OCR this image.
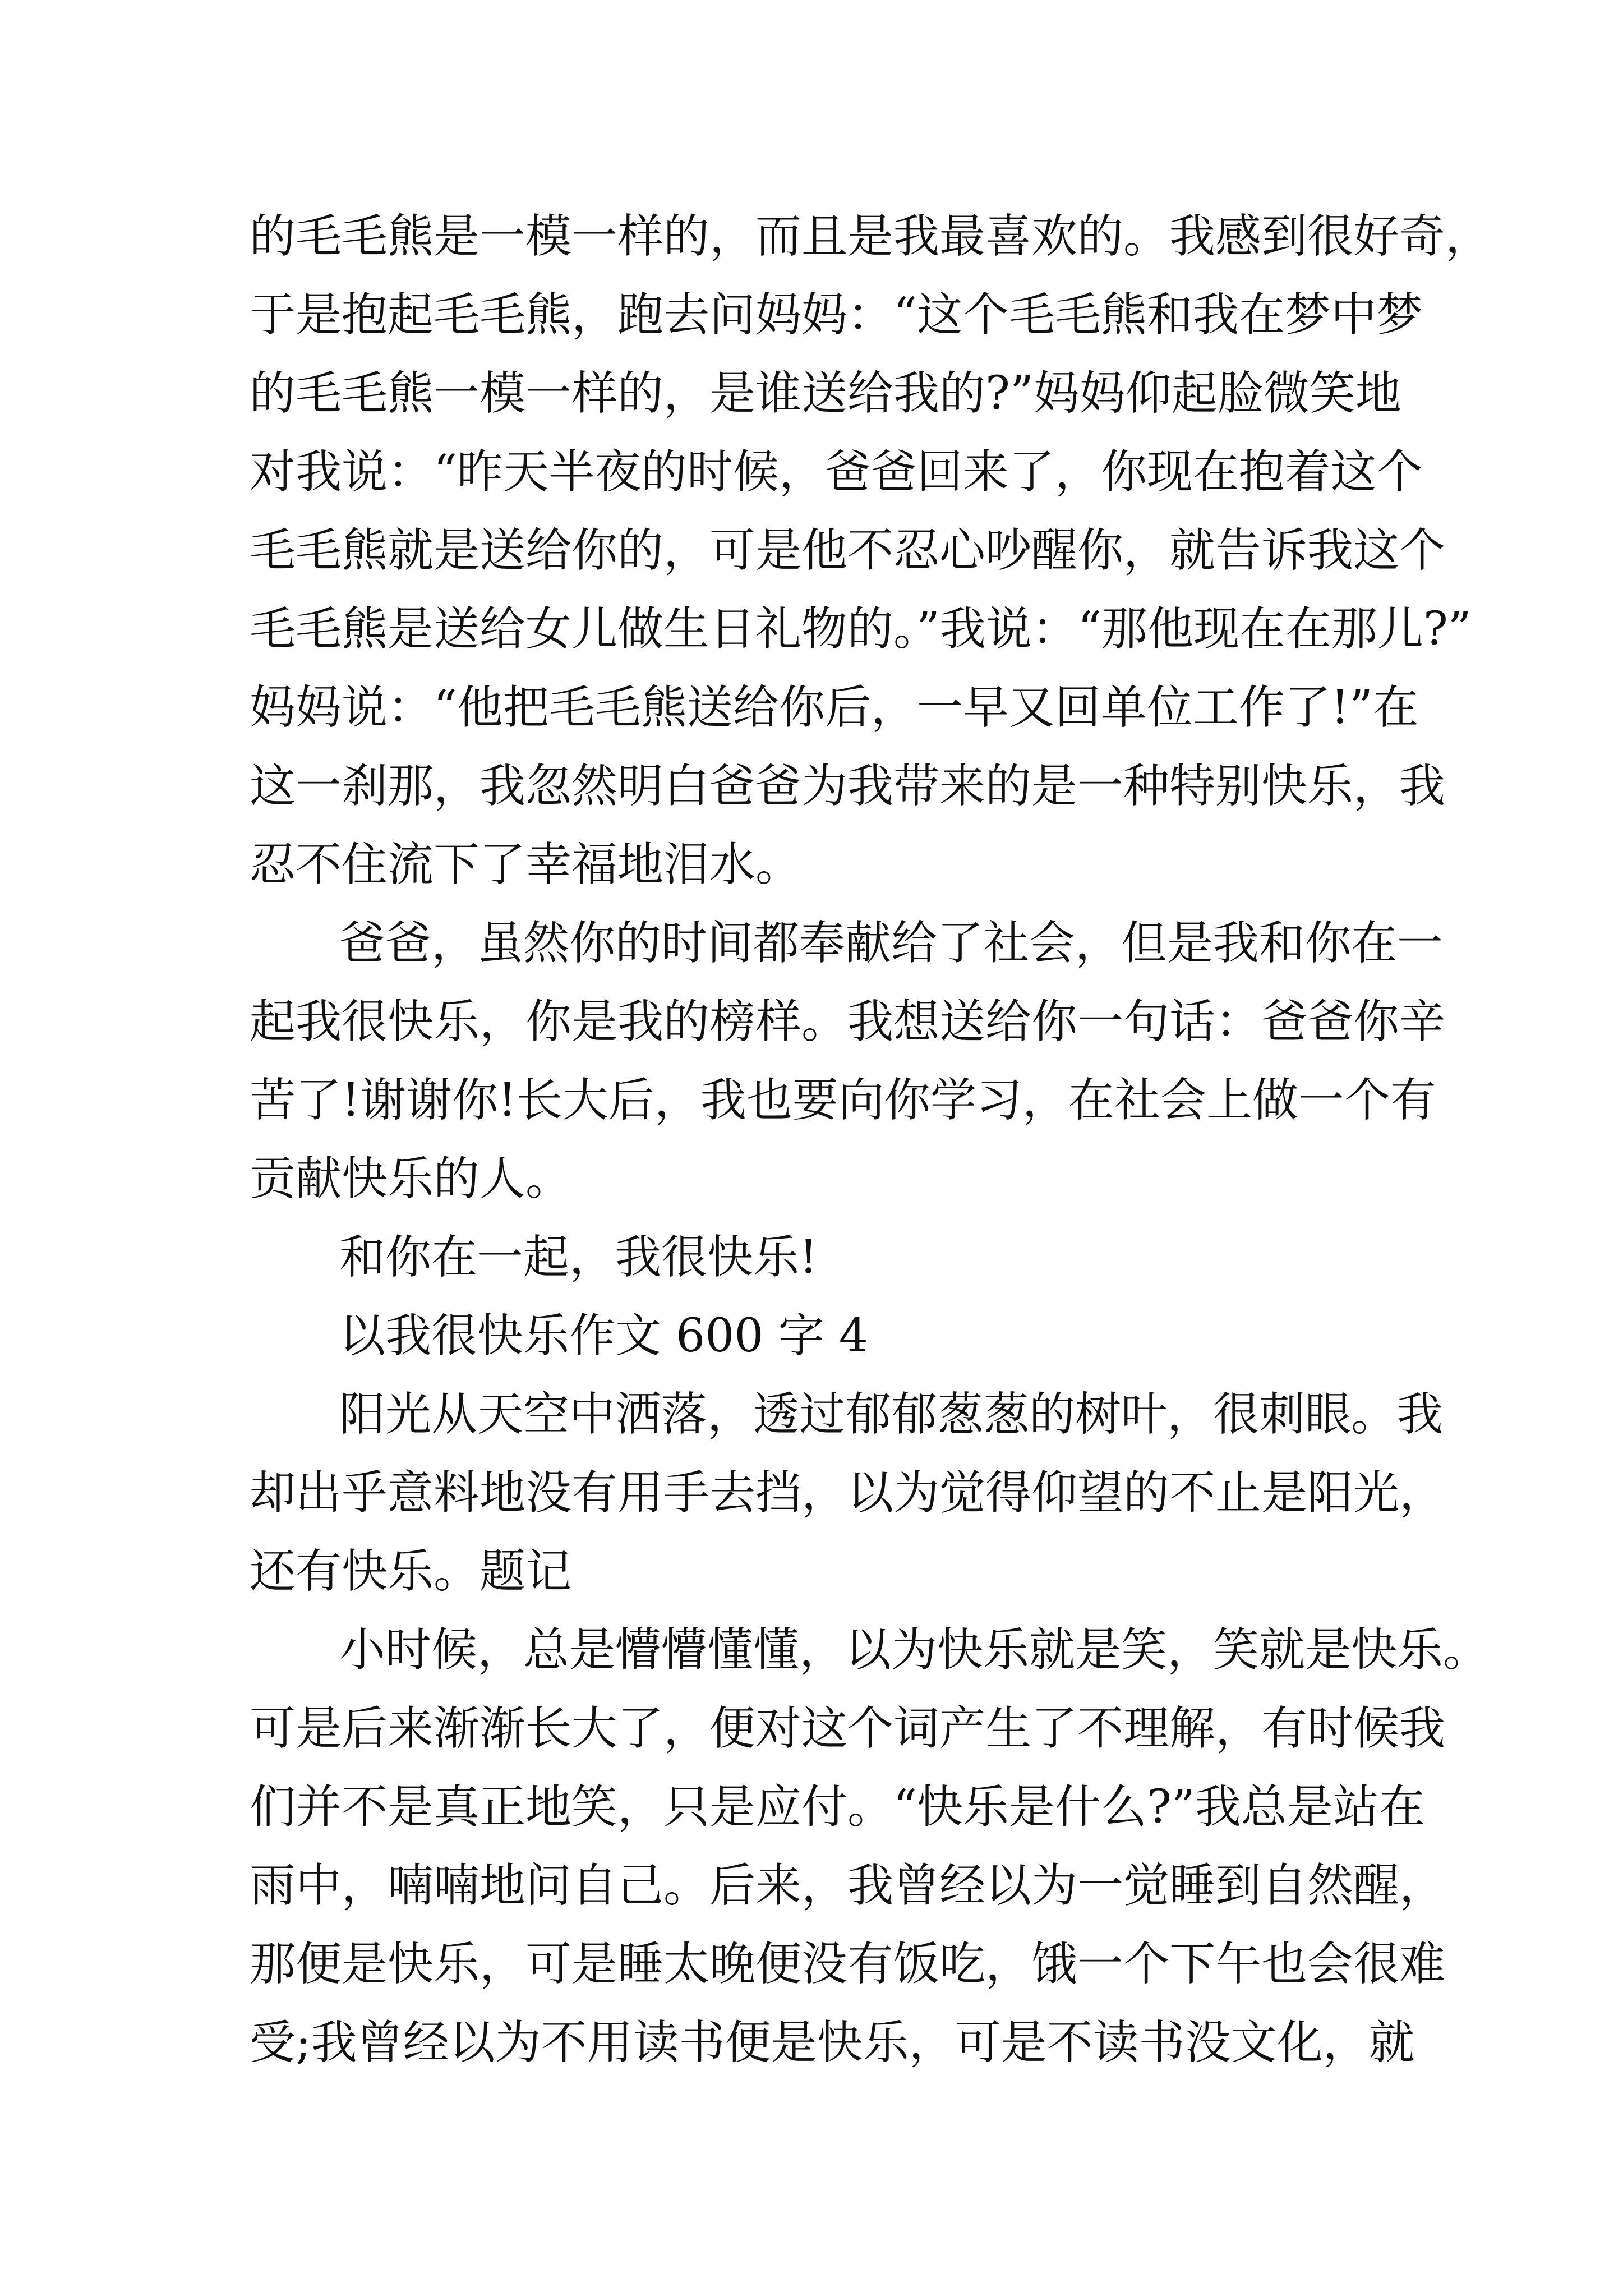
的毛毛熊是一模一样的，而且是我最喜欢的。我感到很好奇，
于是抱起毛毛熊，跑去问妈妈：“这个毛毛熊和我在梦中梦
的毛毛熊一模一样的，是谁送给我的?”妈妈仰起脸微笑地
对我说：“昨天半夜的时候，爸爸回来了，你现在抱着这个
毛毛熊就是送给你的，可是他不忍心吵醒你，就告诉我这个
毛毛熊是送给女儿做生日礼物的。”我说：“那他现在在那儿?”
妈妈说：“他把毛毛熊送给你后，一早又回单位工作了!”在
这一刹那，我忽然明白爸爸为我带来的是一种特别快乐，我
忍不住流下了幸福地泪水。
爸爸，虽然你的时间都奉献给了社会，但是我和你在一
起我很快乐，你是我的榜样。我想送给你一句话：爸爸你辛
苦了!谢谢你!长大后，我也要向你学习，在社会上做一个有
贡献快乐的人。
和你在一起，我很快乐!
以我很快乐作文 600 字 4
阳光从天空中洒落，透过郁郁葱葱的树叶，很刺眼。我
却出乎意料地没有用手去挡，以为觉得仰望的不止是阳光，
还有快乐。题记
小时候，总是懵懵懂懂，以为快乐就是笑，笑就是快乐。
可是后来渐渐长大了，便对这个词产生了不理解，有时候我
们并不是真正地笑，只是应付。“快乐是什么?”我总是站在
雨中，喃喃地问自己。后来，我曾经以为一觉睡到自然醒，
那便是快乐，可是睡太晚便没有饭吃，饿一个下午也会很难
受;我曾经以为不用读书便是快乐，可是不读书没文化，就
